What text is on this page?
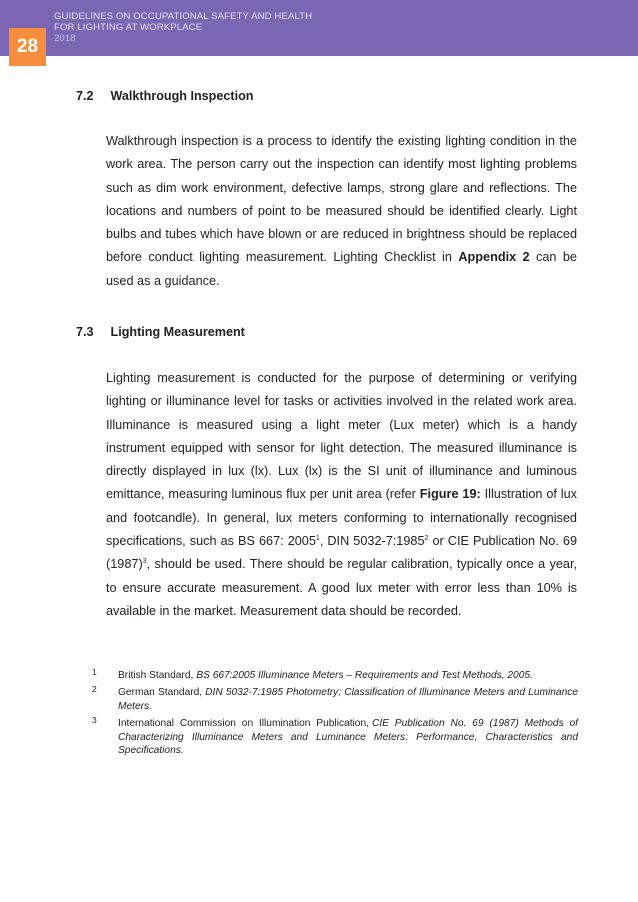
GUIDELINES ON OCCUPATIONAL SAFETY AND HEALTH
FOR LIGHTING AT WORKPLACE
2018
28
7.2 Walkthrough Inspection

Walkthrough inspection is a process to identify the existing lighting condition in the work area. The person carry out the inspection can identify most lighting problems such as dim work environment, defective lamps, strong glare and reflections. The locations and numbers of point to be measured should be identified clearly. Light bulbs and tubes which have blown or are reduced in brightness should be replaced before conduct lighting measurement. Lighting Checklist in Appendix 2 can be used as a guidance.

7.3 Lighting Measurement

Lighting measurement is conducted for the purpose of determining or verifying lighting or illuminance level for tasks or activities involved in the related work area. Illuminance is measured using a light meter (Lux meter) which is a handy instrument equipped with sensor for light detection. The measured illuminance is directly displayed in lux (lx). Lux (lx) is the SI unit of illuminance and luminous emittance, measuring luminous flux per unit area (refer Figure 19: Illustration of lux and footcandle). In general, lux meters conforming to internationally recognised specifications, such as BS 667: 2005$^1$, DIN 5032-7:1985$^2$ or CIE Publication No. 69 $(1987)^3$, should be used. There should be regular calibration, typically once a year, to ensure accurate measurement. A good lux meter with error less than 10% is available in the market. Measurement data should be recorded.

1 British Standard, BS 667:2005 Illuminance Meters – Requirements and Test Methods, 2005.

2 German Standard, DIN 5032-7:1985 Photometry; Classification of Illuminance Meters and Luminance Meters.

3 International Commission on Illumination Publication, CIE Publication No. 69 (1987) Methods of Characterizing Illuminance Meters and Luminance Meters: Performance, Characteristics and Specifications.
